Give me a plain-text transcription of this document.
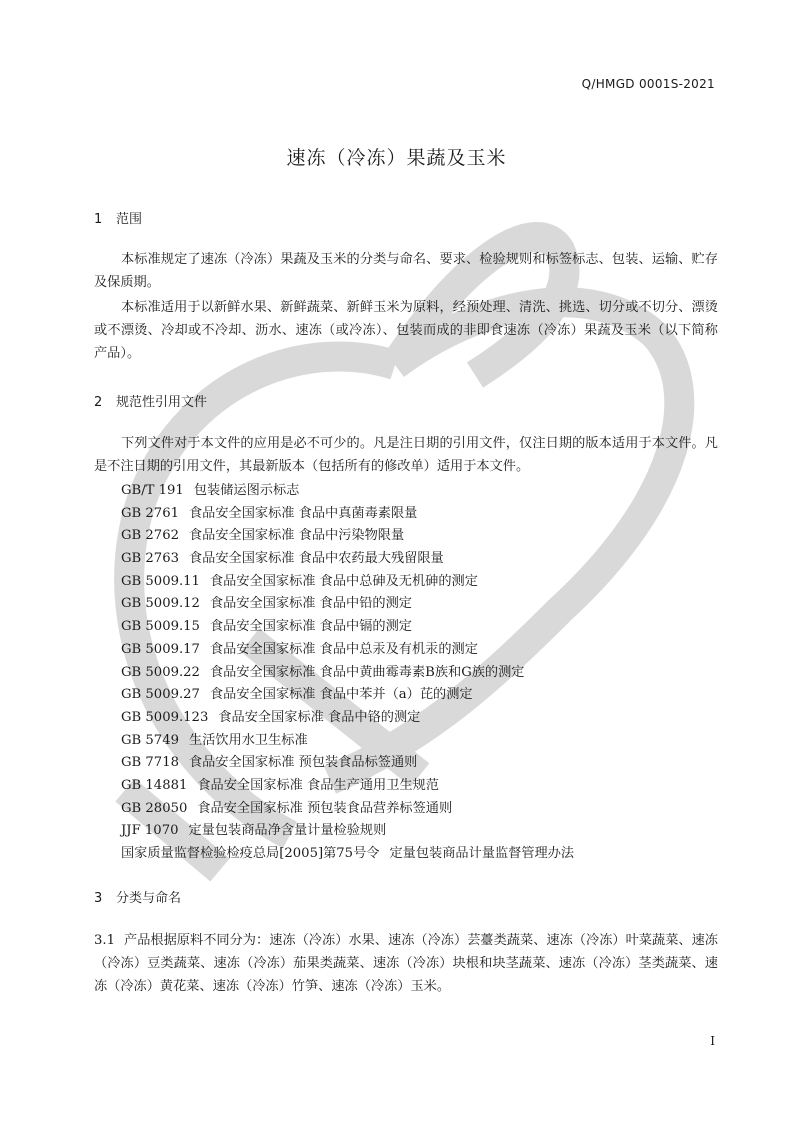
Q/HMGD 0001S-2021
速冻（冷冻）果蔬及玉米
1 范围

本标准规定了速冻（冷冻）果蔬及玉米的分类与命名、要求、检验规则和标签标志、包装、运输、贮存及保质期。

本标准适用于以新鲜水果、新鲜蔬菜、新鲜玉米为原料，经预处理、清洗、挑选、切分或不切分、漂烫或不漂烫、冷却或不冷却、沥水、速冻（或冷冻）、包装而成的非即食速冻（冷冻）果蔬及玉米（以下简称产品）。

2 规范性引用文件

下列文件对于本文件的应用是必不可少的。凡是注日期的引用文件，仅注日期的版本适用于本文件。凡是不注日期的引用文件，其最新版本（包括所有的修改单）适用于本文件。

GB/T 191 包装储运图示标志
GB 2761 食品安全国家标准 食品中真菌毒素限量
GB 2762 食品安全国家标准 食品中污染物限量
GB 2763 食品安全国家标准 食品中农药最大残留限量
GB 5009.11 食品安全国家标准 食品中总砷及无机砷的测定
GB 5009.12 食品安全国家标准 食品中铅的测定
GB 5009.15 食品安全国家标准 食品中镉的测定
GB 5009.17 食品安全国家标准 食品中总汞及有机汞的测定
GB 5009.22 食品安全国家标准 食品中黄曲霉毒素B族和G族的测定
GB 5009.27 食品安全国家标准 食品中苯并（a）芘的测定
GB 5009.123 食品安全国家标准 食品中铬的测定
GB 5749 生活饮用水卫生标准
GB 7718 食品安全国家标准 预包装食品标签通则
GB 14881 食品安全国家标准 食品生产通用卫生规范
GB 28050 食品安全国家标准 预包装食品营养标签通则
JJF 1070 定量包装商品净含量计量检验规则
国家质量监督检验检疫总局[2005]第75号令 定量包装商品计量监督管理办法
3 分类与命名

3.1 产品根据原料不同分为：速冻（冷冻）水果、速冻（冷冻）芸薹类蔬菜、速冻（冷冻）叶菜蔬菜、速冻（冷冻）豆类蔬菜、速冻（冷冻）茄果类蔬菜、速冻（冷冻）块根和块茎蔬菜、速冻（冷冻）茎类蔬菜、速冻（冷冻）黄花菜、速冻（冷冻）竹笋、速冻（冷冻）玉米。

I
